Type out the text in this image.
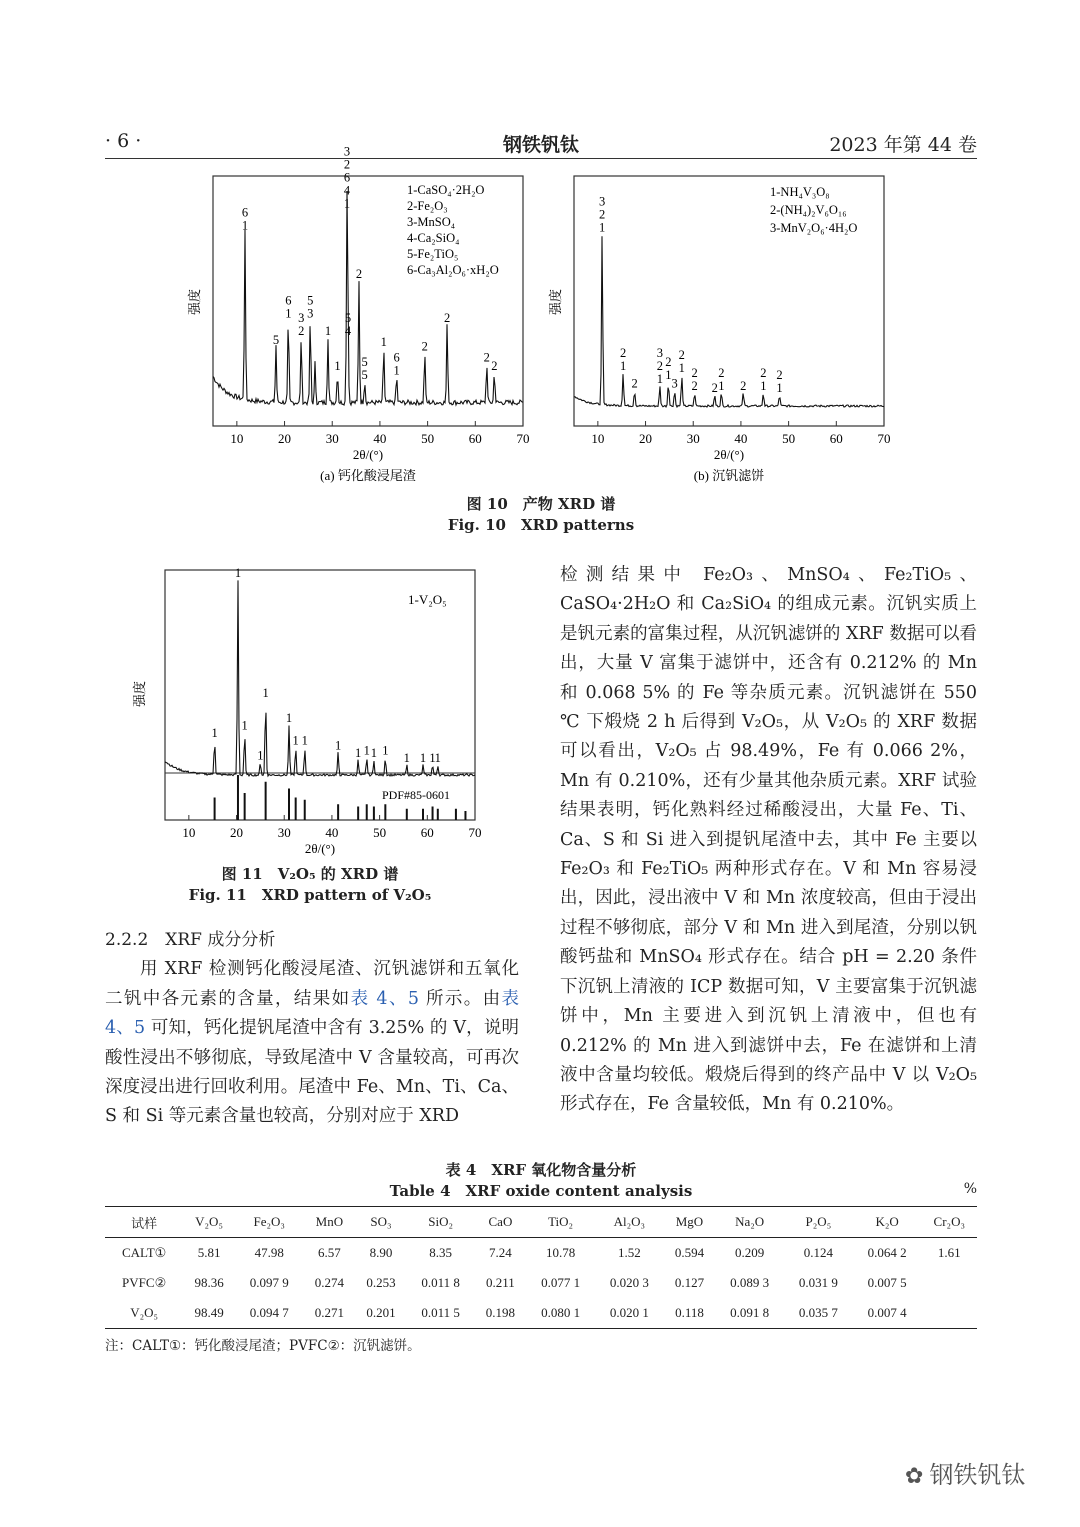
· 6 ·	钢铁钒钛	2023 年第 44 卷
10	20	30	40	50	60	70
6
1
5
6
1 3
2
5
3
1
1
3
2
6
4
1
5
4
2
5
5
1
6
1
2
2
2
2
1-CaSO₄·2H₂O
2-Fe₂O₃
3-MnSO₄
4-Ca₂SiO₄
5-Fe₂TiO₅
6-Ca₃Al₂O₆·xH₂O
强度
2θ/(°)
(a) 钙化酸浸尾渣
10	20	30	40	50	60	70
3
2
1
2
1
2
3
2
1
2
1
3
2
1 2
2 2
2
1 2
2
1
2
1
1-NH₄V₃O₈
2-(NH₄)₂V₆O₁₆
3-MnV₂O₆·4H₂O
强度
2θ/(°)
(b) 沉钒滤饼
图 10　产物 XRD 谱
Fig. 10　XRD patterns
10	20	30	40	50	60	70
1
1
1
1
1
1
1 1 1
1 1 1 1
1 1 1
1
1-V₂O₅
PDF#85-0601
强度
2θ/(°)
图 11　V₂O₅ 的 XRD 谱
Fig. 11　XRD pattern of V₂O₅

2.2.2　XRF 成分分析

用 XRF 检测钙化酸浸尾渣、沉钒滤饼和五氧化二钒中各元素的含量，结果如表 4、5 所示。由表 4、5 可知，钙化提钒尾渣中含有 3.25% 的 V，说明酸性浸出不够彻底，导致尾渣中 V 含量较高，可再次深度浸出进行回收利用。尾渣中 Fe、Mn、Ti、Ca、S 和 Si 等元素含量也较高，分别对应于 XRD

检测结果中 Fe₂O₃、MnSO₄、Fe₂TiO₅、CaSO₄·2H₂O 和 Ca₂SiO₄ 的组成元素。沉钒实质上是钒元素的富集过程，从沉钒滤饼的 XRF 数据可以看出，大量 V 富集于滤饼中，还含有 0.212% 的 Mn 和 0.068 5% 的 Fe 等杂质元素。沉钒滤饼在 550 ℃ 下煅烧 2 h 后得到 V₂O₅，从 V₂O₅ 的 XRF 数据可以看出，V₂O₅ 占 98.49%，Fe 有 0.066 2%，Mn 有 0.210%，还有少量其他杂质元素。XRF 试验结果表明，钙化熟料经过稀酸浸出，大量 Fe、Ti、Ca、S 和 Si 进入到提钒尾渣中去，其中 Fe 主要以 Fe₂O₃ 和 Fe₂TiO₅ 两种形式存在。V 和 Mn 容易浸出，因此，浸出液中 V 和 Mn 浓度较高，但由于浸出过程不够彻底，部分 V 和 Mn 进入到尾渣，分别以钒酸钙盐和 MnSO₄ 形式存在。结合 pH = 2.20 条件下沉钒上清液的 ICP 数据可知，V 主要富集于沉钒滤饼中，Mn 主要进入到沉钒上清液中，但也有 0.212% 的 Mn 进入到滤饼中去，Fe 在滤饼和上清液中含量均较低。煅烧后得到的终产品中 V 以 V₂O₅ 形式存在，Fe 含量较低，Mn 有 0.210%。

表 4　XRF 氧化物含量分析
Table 4　XRF oxide content analysis	%
试样	V₂O₅	Fe₂O₃	MnO	SO₃	SiO₂	CaO	TiO₂	Al₂O₃	MgO	Na₂O	P₂O₅	K₂O	Cr₂O₃
CALT①	5.81	47.98	6.57	8.90	8.35	7.24	10.78	1.52	0.594	0.209	0.124	0.064 2	1.61
PVFC②	98.36	0.097 9	0.274	0.253	0.011 8	0.211	0.077 1	0.020 3	0.127	0.089 3	0.031 9	0.007 5	
V₂O₅	98.49	0.094 7	0.271	0.201	0.011 5	0.198	0.080 1	0.020 1	0.118	0.091 8	0.035 7	0.007 4	
注：CALT①：钙化酸浸尾渣；PVFC②：沉钒滤饼。
✿ 钢铁钒钛
